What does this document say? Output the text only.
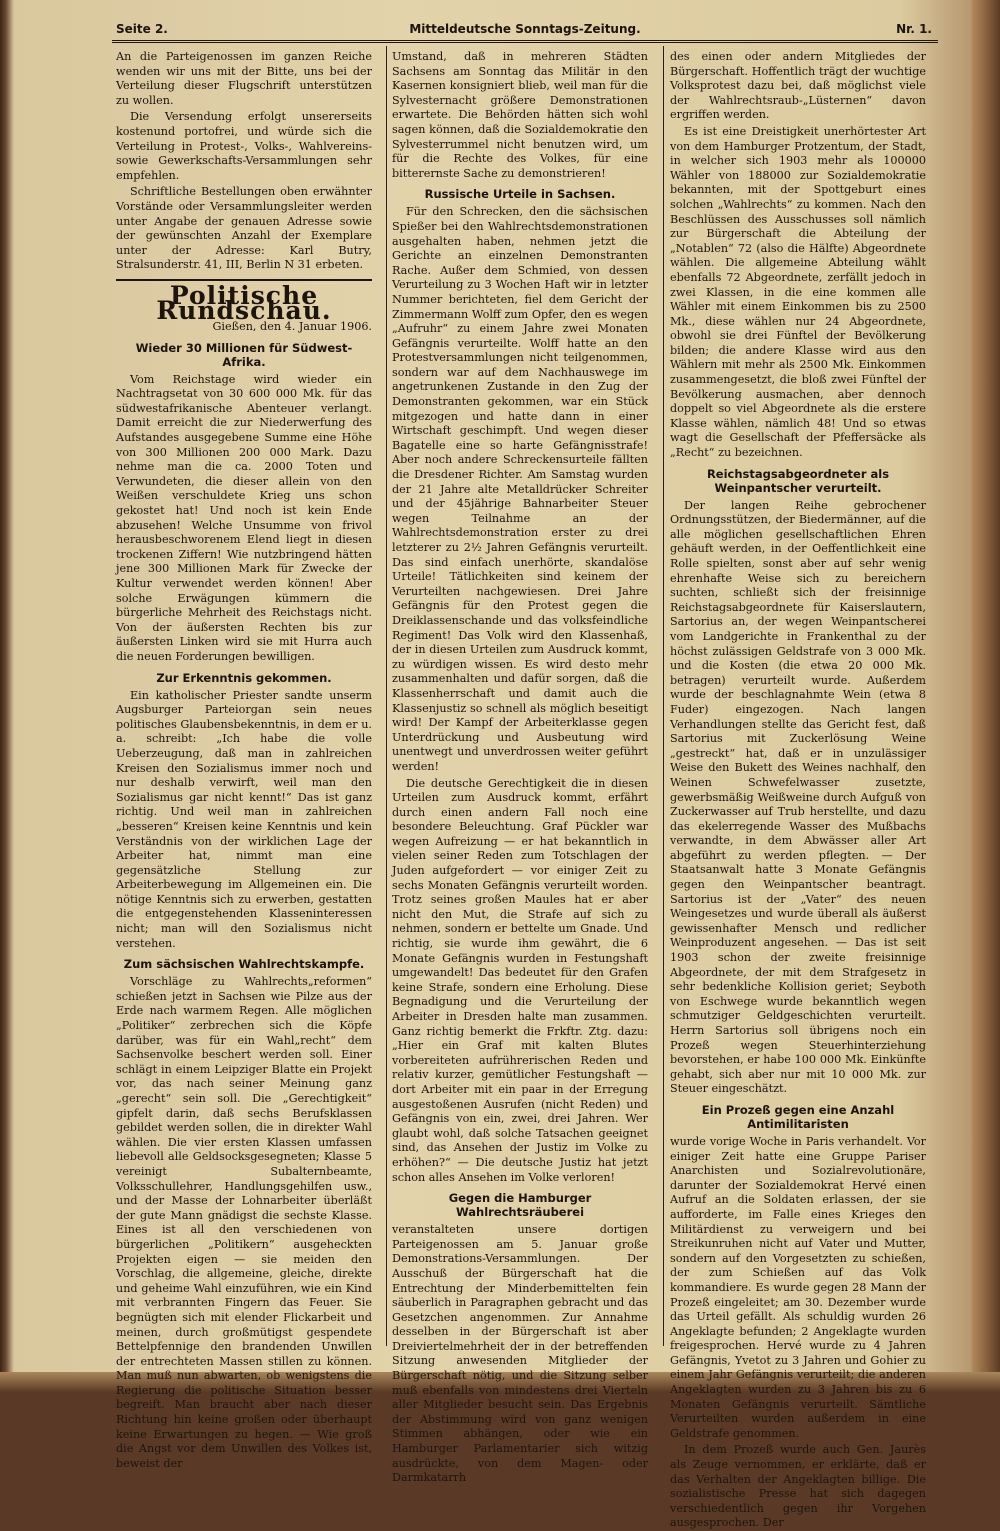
Seite 2.	Mitteldeutsche Sonntags-Zeitung.	Nr. 1.

An die Parteigenossen im ganzen Reiche wenden wir uns mit der Bitte, uns bei der Verteilung dieser Flugschrift unterstützen zu wollen.

Die Versendung erfolgt unsererseits kostenund portofrei, und würde sich die Verteilung in Protest-, Volks-, Wahlvereins- sowie Gewerkschafts-Versammlungen sehr empfehlen.

Schriftliche Bestellungen oben erwähnter Vorstände oder Versammlungsleiter werden unter Angabe der genauen Adresse sowie der gewünschten Anzahl der Exemplare unter der Adresse: Karl Butry, Stralsunderstr. 41, III, Berlin N 31 erbeten.

Politische Rundschau.
Gießen, den 4. Januar 1906.
Wieder 30 Millionen für Südwest-Afrika.

Vom Reichstage wird wieder ein Nachtragsetat von 30 600 000 Mk. für das südwestafrikanische Abenteuer verlangt. Damit erreicht die zur Niederwerfung des Aufstandes ausgegebene Summe eine Höhe von 300 Millionen 200 000 Mark. Dazu nehme man die ca. 2000 Toten und Verwundeten, die dieser allein von den Weißen verschuldete Krieg uns schon gekostet hat! Und noch ist kein Ende abzusehen! Welche Unsumme von frivol herausbeschworenem Elend liegt in diesen trockenen Ziffern! Wie nutzbringend hätten jene 300 Millionen Mark für Zwecke der Kultur verwendet werden können! Aber solche Erwägungen kümmern die bürgerliche Mehrheit des Reichstags nicht. Von der äußersten Rechten bis zur äußersten Linken wird sie mit Hurra auch die neuen Forderungen bewilligen.

Zur Erkenntnis gekommen.

Ein katholischer Priester sandte unserm Augsburger Parteiorgan sein neues politisches Glaubensbekenntnis, in dem er u. a. schreibt: „Ich habe die volle Ueberzeugung, daß man in zahlreichen Kreisen den Sozialismus immer noch und nur deshalb verwirft, weil man den Sozialismus gar nicht kennt!“ Das ist ganz richtig. Und weil man in zahlreichen „besseren“ Kreisen keine Kenntnis und kein Verständnis von der wirklichen Lage der Arbeiter hat, nimmt man eine gegensätzliche Stellung zur Arbeiterbewegung im Allgemeinen ein. Die nötige Kenntnis sich zu erwerben, gestatten die entgegenstehenden Klasseninteressen nicht; man will den Sozialismus nicht verstehen.

Zum sächsischen Wahlrechtskampfe.

Vorschläge zu Wahlrechts„reformen“ schießen jetzt in Sachsen wie Pilze aus der Erde nach warmem Regen. Alle möglichen „Politiker“ zerbrechen sich die Köpfe darüber, was für ein Wahl„recht“ dem Sachsenvolke beschert werden soll. Einer schlägt in einem Leipziger Blatte ein Projekt vor, das nach seiner Meinung ganz „gerecht“ sein soll. Die „Gerechtigkeit“ gipfelt darin, daß sechs Berufsklassen gebildet werden sollen, die in direkter Wahl wählen. Die vier ersten Klassen umfassen liebevoll alle Geldsocksgesegneten; Klasse 5 vereinigt Subalternbeamte, Volksschullehrer, Handlungsgehilfen usw., und der Masse der Lohnarbeiter überläßt der gute Mann gnädigst die sechste Klasse. Eines ist all den verschiedenen von bürgerlichen „Politikern“ ausgeheckten Projekten eigen — sie meiden den Vorschlag, die allgemeine, gleiche, direkte und geheime Wahl einzuführen, wie ein Kind mit verbrannten Fingern das Feuer. Sie begnügten sich mit elender Flickarbeit und meinen, durch großmütigst gespendete Bettelpfennige den brandenden Unwillen der entrechteten Massen stillen zu können. Man muß nun abwarten, ob wenigstens die Regierung die politische Situation besser begreift. Man braucht aber nach dieser Richtung hin keine großen oder überhaupt keine Erwartungen zu hegen. — Wie groß die Angst vor dem Unwillen des Volkes ist, beweist der

Umstand, daß in mehreren Städten Sachsens am Sonntag das Militär in den Kasernen konsigniert blieb, weil man für die Sylvesternacht größere Demonstrationen erwartete. Die Behörden hätten sich wohl sagen können, daß die Sozialdemokratie den Sylvesterrummel nicht benutzen wird, um für die Rechte des Volkes, für eine bitterernste Sache zu demonstrieren!

Russische Urteile in Sachsen.

Für den Schrecken, den die sächsischen Spießer bei den Wahlrechtsdemonstrationen ausgehalten haben, nehmen jetzt die Gerichte an einzelnen Demonstranten Rache. Außer dem Schmied, von dessen Verurteilung zu 3 Wochen Haft wir in letzter Nummer berichteten, fiel dem Gericht der Zimmermann Wolff zum Opfer, den es wegen „Aufruhr“ zu einem Jahre zwei Monaten Gefängnis verurteilte. Wolff hatte an den Protestversammlungen nicht teilgenommen, sondern war auf dem Nachhauswege im angetrunkenen Zustande in den Zug der Demonstranten gekommen, war ein Stück mitgezogen und hatte dann in einer Wirtschaft geschimpft. Und wegen dieser Bagatelle eine so harte Gefängnisstrafe! Aber noch andere Schreckensurteile fällten die Dresdener Richter. Am Samstag wurden der 21 Jahre alte Metalldrücker Schreiter und der 45jährige Bahnarbeiter Steuer wegen Teilnahme an der Wahlrechtsdemonstration erster zu drei letzterer zu 2½ Jahren Gefängnis verurteilt. Das sind einfach unerhörte, skandalöse Urteile! Tätlichkeiten sind keinem der Verurteilten nachgewiesen. Drei Jahre Gefängnis für den Protest gegen die Dreiklassenschande und das volksfeindliche Regiment! Das Volk wird den Klassenhaß, der in diesen Urteilen zum Ausdruck kommt, zu würdigen wissen. Es wird desto mehr zusammenhalten und dafür sorgen, daß die Klassenherrschaft und damit auch die Klassenjustiz so schnell als möglich beseitigt wird! Der Kampf der Arbeiterklasse gegen Unterdrückung und Ausbeutung wird unentwegt und unverdrossen weiter geführt werden!

Die deutsche Gerechtigkeit die in diesen Urteilen zum Ausdruck kommt, erfährt durch einen andern Fall noch eine besondere Beleuchtung. Graf Pückler war wegen Aufreizung — er hat bekanntlich in vielen seiner Reden zum Totschlagen der Juden aufgefordert — vor einiger Zeit zu sechs Monaten Gefängnis verurteilt worden. Trotz seines großen Maules hat er aber nicht den Mut, die Strafe auf sich zu nehmen, sondern er bettelte um Gnade. Und richtig, sie wurde ihm gewährt, die 6 Monate Gefängnis wurden in Festungshaft umgewandelt! Das bedeutet für den Grafen keine Strafe, sondern eine Erholung. Diese Begnadigung und die Verurteilung der Arbeiter in Dresden halte man zusammen. Ganz richtig bemerkt die Frkftr. Ztg. dazu: „Hier ein Graf mit kalten Blutes vorbereiteten aufrührerischen Reden und relativ kurzer, gemütlicher Festungshaft — dort Arbeiter mit ein paar in der Erregung ausgestoßenen Ausrufen (nicht Reden) und Gefängnis von ein, zwei, drei Jahren. Wer glaubt wohl, daß solche Tatsachen geeignet sind, das Ansehen der Justiz im Volke zu erhöhen?“ — Die deutsche Justiz hat jetzt schon alles Ansehen im Volke verloren!

Gegen die Hamburger Wahlrechtsräuberei

veranstalteten unsere dortigen Parteigenossen am 5. Januar große Demonstrations-Versammlungen. Der Ausschuß der Bürgerschaft hat die Entrechtung der Minderbemittelten fein säuberlich in Paragraphen gebracht und das Gesetzchen angenommen. Zur Annahme desselben in der Bürgerschaft ist aber Dreiviertelmehrheit der in der betreffenden Sitzung anwesenden Mitglieder der Bürgerschaft nötig, und die Sitzung selber muß ebenfalls von mindestens drei Vierteln aller Mitglieder besucht sein. Das Ergebnis der Abstimmung wird von ganz wenigen Stimmen abhängen, oder wie ein Hamburger Parlamentarier sich witzig ausdrückte, von dem Magen- oder Darmkatarrh

des einen oder andern Mitgliedes der Bürgerschaft. Hoffentlich trägt der wuchtige Volksprotest dazu bei, daß möglichst viele der Wahlrechtsraub-„Lüsternen“ davon ergriffen werden.

Es ist eine Dreistigkeit unerhörtester Art von dem Hamburger Protzentum, der Stadt, in welcher sich 1903 mehr als 100000 Wähler von 188000 zur Sozialdemokratie bekannten, mit der Spottgeburt eines solchen „Wahlrechts“ zu kommen. Nach den Beschlüssen des Ausschusses soll nämlich zur Bürgerschaft die Abteilung der „Notablen“ 72 (also die Hälfte) Abgeordnete wählen. Die allgemeine Abteilung wählt ebenfalls 72 Abgeordnete, zerfällt jedoch in zwei Klassen, in die eine kommen alle Wähler mit einem Einkommen bis zu 2500 Mk., diese wählen nur 24 Abgeordnete, obwohl sie drei Fünftel der Bevölkerung bilden; die andere Klasse wird aus den Wählern mit mehr als 2500 Mk. Einkommen zusammengesetzt, die bloß zwei Fünftel der Bevölkerung ausmachen, aber dennoch doppelt so viel Abgeordnete als die erstere Klasse wählen, nämlich 48! Und so etwas wagt die Gesellschaft der Pfeffersäcke als „Recht“ zu bezeichnen.

Reichstagsabgeordneter als Weinpantscher verurteilt.

Der langen Reihe gebrochener Ordnungsstützen, der Biedermänner, auf die alle möglichen gesellschaftlichen Ehren gehäuft werden, in der Oeffentlichkeit eine Rolle spielten, sonst aber auf sehr wenig ehrenhafte Weise sich zu bereichern suchten, schließt sich der freisinnige Reichstagsabgeordnete für Kaiserslautern, Sartorius an, der wegen Weinpantscherei vom Landgerichte in Frankenthal zu der höchst zulässigen Geldstrafe von 3 000 Mk. und die Kosten (die etwa 20 000 Mk. betragen) verurteilt wurde. Außerdem wurde der beschlagnahmte Wein (etwa 8 Fuder) eingezogen. Nach langen Verhandlungen stellte das Gericht fest, daß Sartorius mit Zuckerlösung Weine „gestreckt“ hat, daß er in unzulässiger Weise den Bukett des Weines nachhalf, den Weinen Schwefelwasser zusetzte, gewerbsmäßig Weißweine durch Aufguß von Zuckerwasser auf Trub herstellte, und dazu das ekelerregende Wasser des Mußbachs verwandte, in dem Abwässer aller Art abgeführt zu werden pflegten. — Der Staatsanwalt hatte 3 Monate Gefängnis gegen den Weinpantscher beantragt. Sartorius ist der „Vater“ des neuen Weingesetzes und wurde überall als äußerst gewissenhafter Mensch und redlicher Weinproduzent angesehen. — Das ist seit 1903 schon der zweite freisinnige Abgeordnete, der mit dem Strafgesetz in sehr bedenkliche Kollision geriet; Seyboth von Eschwege wurde bekanntlich wegen schmutziger Geldgeschichten verurteilt. Herrn Sartorius soll übrigens noch ein Prozeß wegen Steuerhinterziehung bevorstehen, er habe 100 000 Mk. Einkünfte gehabt, sich aber nur mit 10 000 Mk. zur Steuer eingeschätzt.

Ein Prozeß gegen eine Anzahl Antimilitaristen

wurde vorige Woche in Paris verhandelt. Vor einiger Zeit hatte eine Gruppe Pariser Anarchisten und Sozialrevolutionäre, darunter der Sozialdemokrat Hervé einen Aufruf an die Soldaten erlassen, der sie aufforderte, im Falle eines Krieges den Militärdienst zu verweigern und bei Streikunruhen nicht auf Vater und Mutter, sondern auf den Vorgesetzten zu schießen, der zum Schießen auf das Volk kommandiere. Es wurde gegen 28 Mann der Prozeß eingeleitet; am 30. Dezember wurde das Urteil gefällt. Als schuldig wurden 26 Angeklagte befunden; 2 Angeklagte wurden freigesprochen. Hervé wurde zu 4 Jahren Gefängnis, Yvetot zu 3 Jahren und Gohier zu einem Jahr Gefängnis verurteilt; die anderen Angeklagten wurden zu 3 Jahren bis zu 6 Monaten Gefängnis verurteilt. Sämtliche Verurteilten wurden außerdem in eine Geldstrafe genommen.

In dem Prozeß wurde auch Gen. Jaurès als Zeuge vernommen, er erklärte, daß er das Verhalten der Angeklagten billige. Die sozialistische Presse hat sich dagegen verschiedentlich gegen ihr Vorgehen ausgesprochen. Der
